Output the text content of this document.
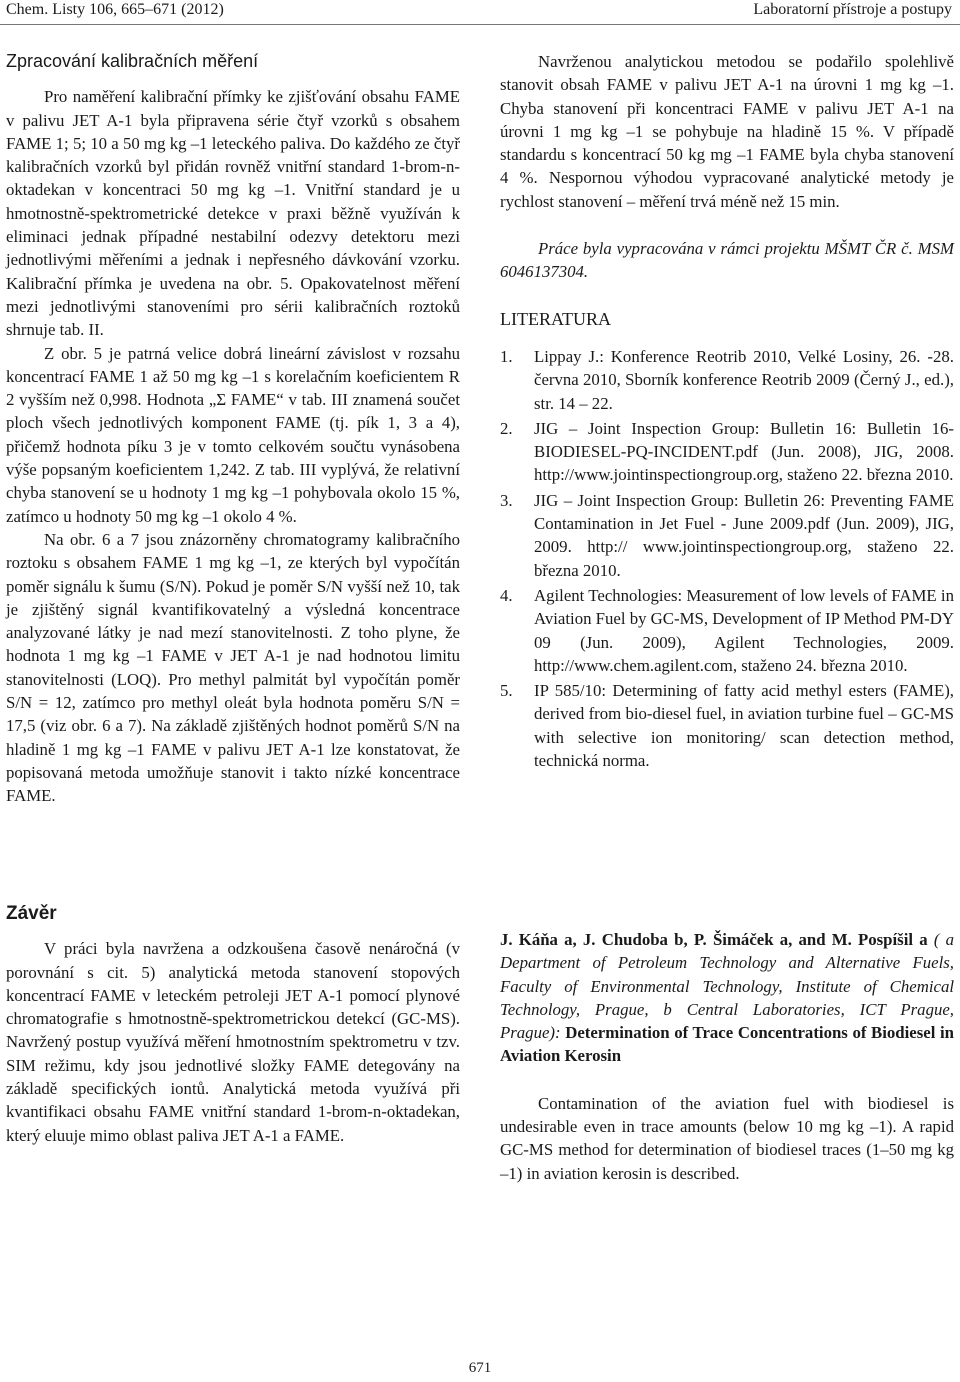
Chem. Listy 106, 665–671 (2012)	Laboratorní přístroje a postupy

Zpracování kalibračních měření

Pro naměření kalibrační přímky ke zjišťování obsahu FAME v palivu JET A-1 byla připravena série čtyř vzorků s obsahem FAME 1; 5; 10 a 50 mg kg –1 leteckého paliva. Do každého ze čtyř kalibračních vzorků byl přidán rovněž vnitřní standard 1-brom-n-oktadekan v koncentraci 50 mg kg –1. Vnitřní standard je u hmotnostně-spektrometrické detekce v praxi běžně využíván k eliminaci jednak případné nestabilní odezvy detektoru mezi jednotlivými měřeními a jednak i nepřesného dávkování vzorku. Kalibrační přímka je uvedena na obr. 5. Opakovatelnost měření mezi jednotlivými stanoveními pro sérii kalibračních roztoků shrnuje tab. II.

Z obr. 5 je patrná velice dobrá lineární závislost v rozsahu koncentrací FAME 1 až 50 mg kg –1 s korelačním koeficientem R 2 vyšším než 0,998. Hodnota „Σ FAME“ v tab. III znamená součet ploch všech jednotlivých komponent FAME (tj. pík 1, 3 a 4), přičemž hodnota píku 3 je v tomto celkovém součtu vynásobena výše popsaným koeficientem 1,242. Z tab. III vyplývá, že relativní chyba stanovení se u hodnoty 1 mg kg –1 pohybovala okolo 15 %, zatímco u hodnoty 50 mg kg –1 okolo 4 %.

Na obr. 6 a 7 jsou znázorněny chromatogramy kalibračního roztoku s obsahem FAME 1 mg kg –1, ze kterých byl vypočítán poměr signálu k šumu (S/N). Pokud je poměr S/N vyšší než 10, tak je zjištěný signál kvantifikovatelný a výsledná koncentrace analyzované látky je nad mezí stanovitelnosti. Z toho plyne, že hodnota 1 mg kg –1 FAME v JET A-1 je nad hodnotou limitu stanovitelnosti (LOQ). Pro methyl palmitát byl vypočítán poměr S/N = 12, zatímco pro methyl oleát byla hodnota poměru S/N = 17,5 (viz obr. 6 a 7). Na základě zjištěných hodnot poměrů S/N na hladině 1 mg kg –1 FAME v palivu JET A-1 lze konstatovat, že popisovaná metoda umožňuje stanovit i takto nízké koncentrace FAME.

Závěr

V práci byla navržena a odzkoušena časově nenáročná (v porovnání s cit. 5) analytická metoda stanovení stopových koncentrací FAME v leteckém petroleji JET A-1 pomocí plynové chromatografie s hmotnostně-spektrometrickou detekcí (GC-MS). Navržený postup využívá měření hmotnostním spektrometru v tzv. SIM režimu, kdy jsou jednotlivé složky FAME detegovány na základě specifických iontů. Analytická metoda využívá při kvantifikaci obsahu FAME vnitřní standard 1-brom-n-oktadekan, který eluuje mimo oblast paliva JET A-1 a FAME.

Navrženou analytickou metodou se podařilo spolehlivě stanovit obsah FAME v palivu JET A-1 na úrovni 1 mg kg –1. Chyba stanovení při koncentraci FAME v palivu JET A-1 na úrovni 1 mg kg –1 se pohybuje na hladině 15 %. V případě standardu s koncentrací 50 kg mg –1 FAME byla chyba stanovení 4 %. Nespornou výhodou vypracované analytické metody je rychlost stanovení – měření trvá méně než 15 min.

Práce byla vypracována v rámci projektu MŠMT ČR č. MSM 6046137304.

LITERATURA

1. Lippay J.: Konference Reotrib 2010, Velké Losiny, 26. -28. června 2010, Sborník konference Reotrib 2009 (Černý J., ed.), str. 14 – 22.
2. JIG – Joint Inspection Group: Bulletin 16: Bulletin 16-BIODIESEL-PQ-INCIDENT.pdf (Jun. 2008), JIG, 2008. http://www.jointinspectiongroup.org, staženo 22. března 2010.
3. JIG – Joint Inspection Group: Bulletin 26: Preventing FAME Contamination in Jet Fuel - June 2009.pdf (Jun. 2009), JIG, 2009. http:// www.jointinspectiongroup.org, staženo 22. března 2010.
4. Agilent Technologies: Measurement of low levels of FAME in Aviation Fuel by GC-MS, Development of IP Method PM-DY 09 (Jun. 2009), Agilent Technologies, 2009. http://www.chem.agilent.com, staženo 24. března 2010.
5. IP 585/10: Determining of fatty acid methyl esters (FAME), derived from bio-diesel fuel, in aviation turbine fuel – GC-MS with selective ion monitoring/ scan detection method, technická norma.

J. Káňa a, J. Chudoba b, P. Šimáček a, and M. Pospíšil a ( a Department of Petroleum Technology and Alternative Fuels, Faculty of Environmental Technology, Institute of Chemical Technology, Prague, b Central Laboratories, ICT Prague, Prague): Determination of Trace Concentrations of Biodiesel in Aviation Kerosin

Contamination of the aviation fuel with biodiesel is undesirable even in trace amounts (below 10 mg kg –1). A rapid GC-MS method for determination of biodiesel traces (1–50 mg kg –1) in aviation kerosin is described.

671
